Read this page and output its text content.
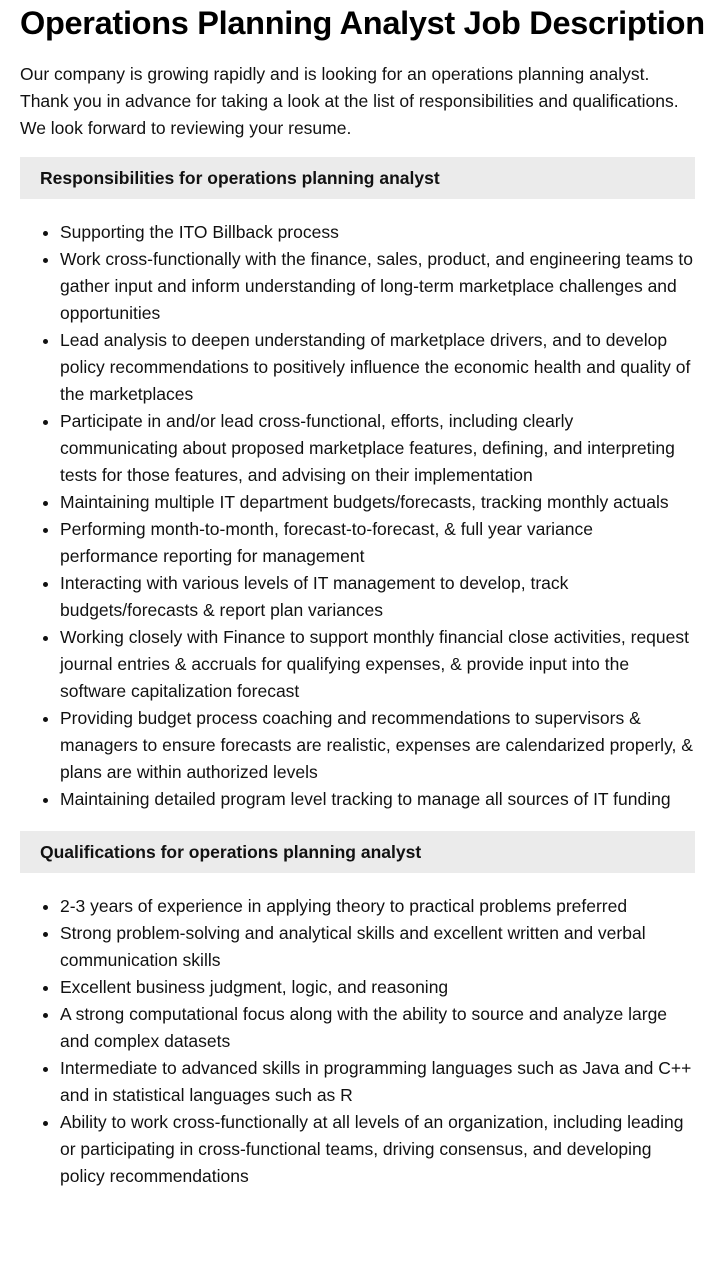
Operations Planning Analyst Job Description

Our company is growing rapidly and is looking for an operations planning analyst. Thank you in advance for taking a look at the list of responsibilities and qualifications. We look forward to reviewing your resume.

Responsibilities for operations planning analyst
• Supporting the ITO Billback process
• Work cross-functionally with the finance, sales, product, and engineering teams to gather input and inform understanding of long-term marketplace challenges and opportunities
• Lead analysis to deepen understanding of marketplace drivers, and to develop policy recommendations to positively influence the economic health and quality of the marketplaces
• Participate in and/or lead cross-functional, efforts, including clearly communicating about proposed marketplace features, defining, and interpreting tests for those features, and advising on their implementation
• Maintaining multiple IT department budgets/forecasts, tracking monthly actuals
• Performing month-to-month, forecast-to-forecast, & full year variance performance reporting for management
• Interacting with various levels of IT management to develop, track budgets/forecasts & report plan variances
• Working closely with Finance to support monthly financial close activities, request journal entries & accruals for qualifying expenses, & provide input into the software capitalization forecast
• Providing budget process coaching and recommendations to supervisors & managers to ensure forecasts are realistic, expenses are calendarized properly, & plans are within authorized levels
• Maintaining detailed program level tracking to manage all sources of IT funding
Qualifications for operations planning analyst
• 2-3 years of experience in applying theory to practical problems preferred
• Strong problem-solving and analytical skills and excellent written and verbal communication skills
• Excellent business judgment, logic, and reasoning
• A strong computational focus along with the ability to source and analyze large and complex datasets
• Intermediate to advanced skills in programming languages such as Java and C++ and in statistical languages such as R
• Ability to work cross-functionally at all levels of an organization, including leading or participating in cross-functional teams, driving consensus, and developing policy recommendations
